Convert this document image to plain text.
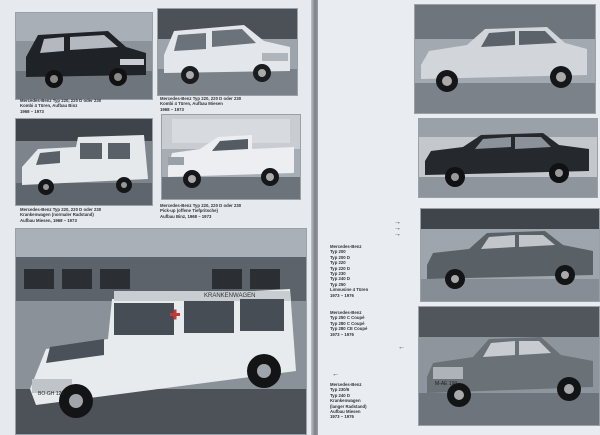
Mercedes-Benz Typ 220, 220 D oder 230
Kombi 4 Türen, Aufbau Binz
1968 – 1973
Mercedes-Benz Typ 220, 220 D oder 230
Kombi 4 Türen, Aufbau Miesen
1968 – 1973
Mercedes-Benz Typ 220, 220 D oder 230
Krankenwagen (normaler Radstand)
Aufbau Miesen, 1968 – 1973
Mercedes-Benz Typ 220, 220 D oder 230
Pick-up (offene Tiefpritsche)
Aufbau Binz, 1968 – 1973
KRANKENWAGEN
BO-GH 123
M-AE 190
→
→
→
Mercedes-Benz
Typ 200
Typ 200 D
Typ 220
Typ 220 D
Typ 230
Typ 240 D
Typ 250
Limousine 4 Türen
1973 – 1976
Mercedes-Benz
Typ 250 C Coupé
Typ 280 C Coupé
Typ 280 CE Coupé
1973 – 1976
←
←
Mercedes-Benz
Typ 230/6
Typ 240 D
Krankenwagen
(langer Radstand)
Aufbau Miesen
1973 – 1976
